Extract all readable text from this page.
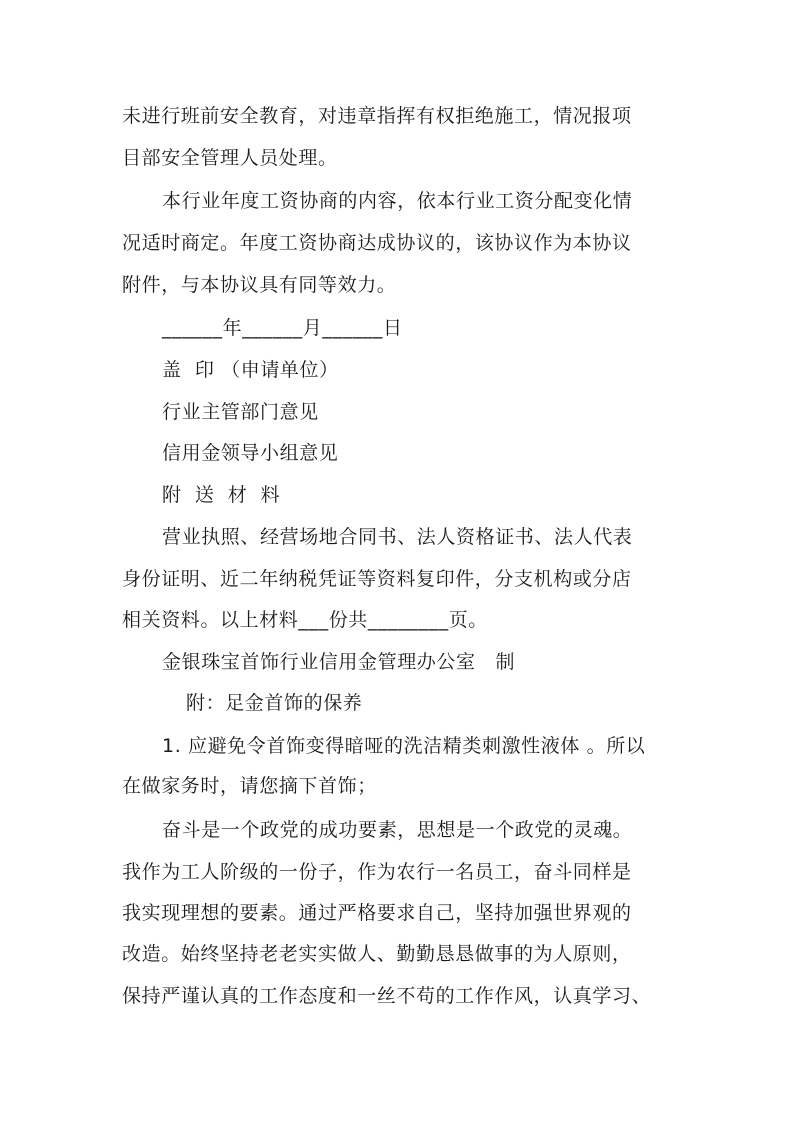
未进行班前安全教育，对违章指挥有权拒绝施工，情况报项
目部安全管理人员处理。
本行业年度工资协商的内容，依本行业工资分配变化情
况适时商定。年度工资协商达成协议的，该协议作为本协议
附件，与本协议具有同等效力。
______年______月______日
盖  印 （申请单位）
行业主管部门意见
信用金领导小组意见
附  送  材  料
营业执照、经营场地合同书、法人资格证书、法人代表
身份证明、近二年纳税凭证等资料复印件，分支机构或分店
相关资料。以上材料___份共________页。
金银珠宝首饰行业信用金管理办公室   制
附：足金首饰的保养
1. 应避免令首饰变得暗哑的洗洁精类刺激性液体 。所以
在做家务时，请您摘下首饰；
奋斗是一个政党的成功要素，思想是一个政党的灵魂。
我作为工人阶级的一份子，作为农行一名员工，奋斗同样是
我实现理想的要素。通过严格要求自己，坚持加强世界观的
改造。始终坚持老老实实做人、勤勤恳恳做事的为人原则，
保持严谨认真的工作态度和一丝不苟的工作作风，认真学习、
